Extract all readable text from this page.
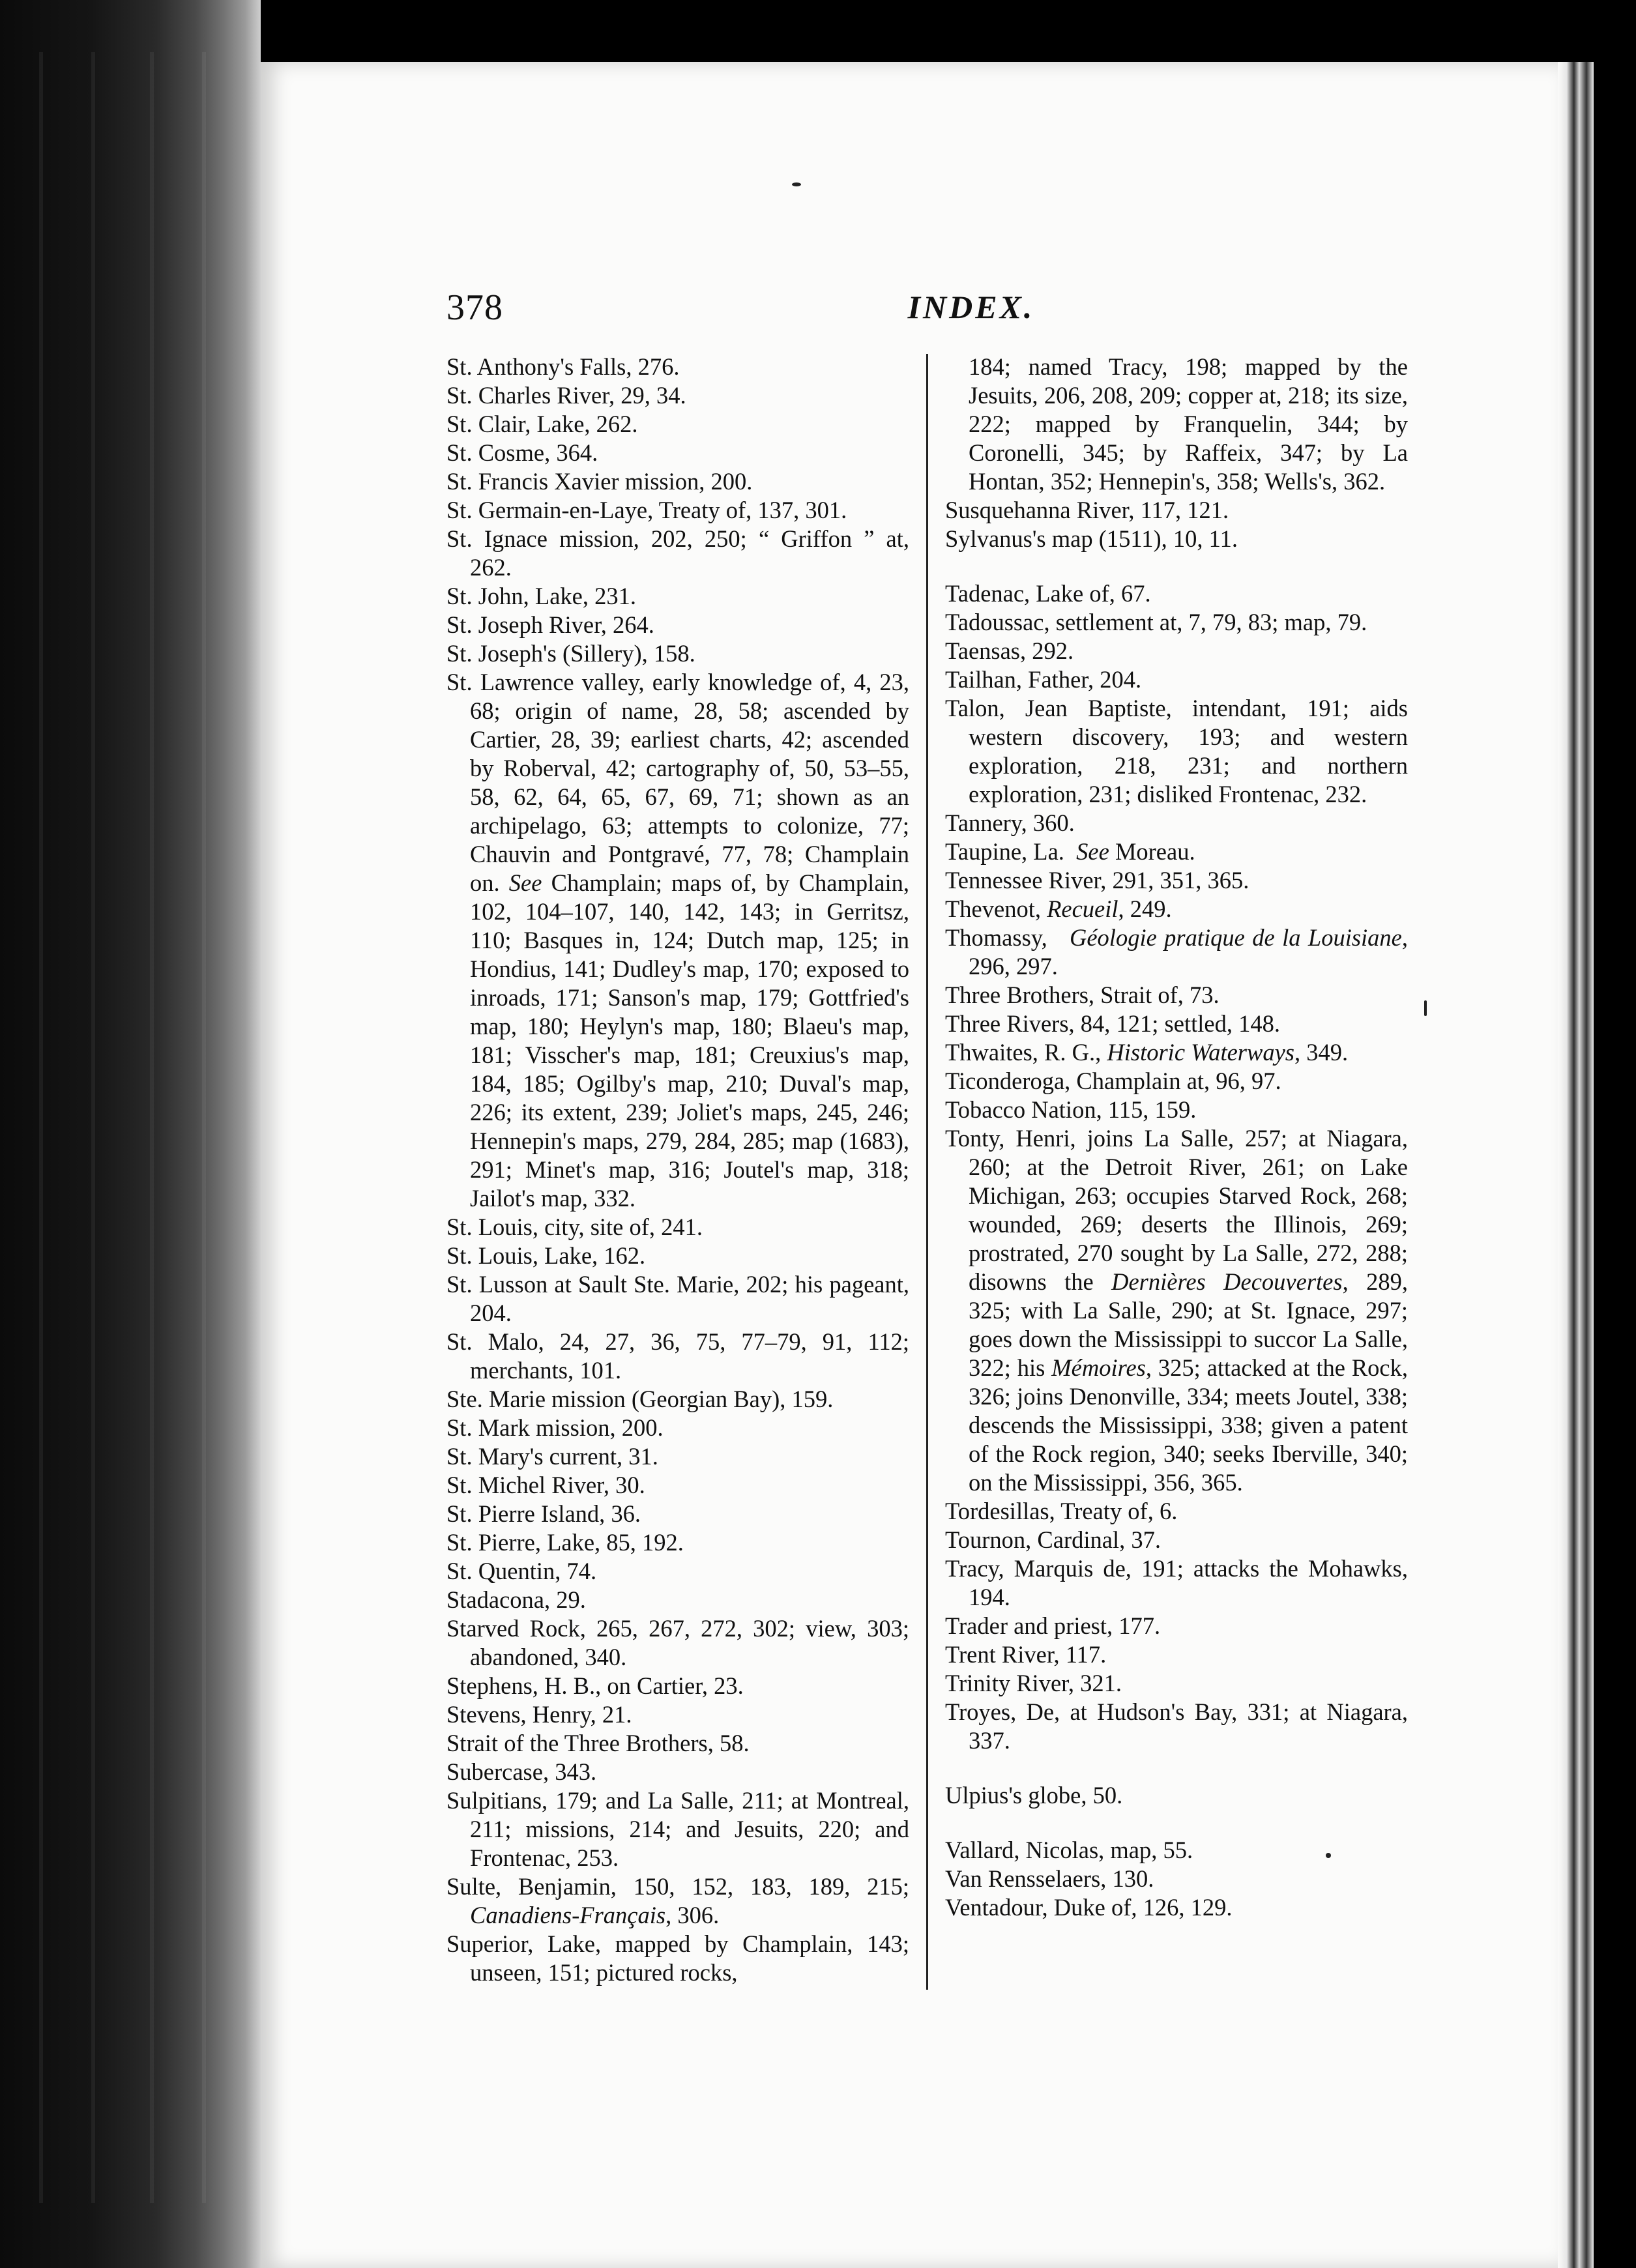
378	INDEX.
St. Anthony's Falls, 276.
St. Charles River, 29, 34.
St. Clair, Lake, 262.
St. Cosme, 364.
St. Francis Xavier mission, 200.
St. Germain-en-Laye, Treaty of, 137, 301.
St. Ignace mission, 202, 250; “ Griffon ” at, 262.
St. John, Lake, 231.
St. Joseph River, 264.
St. Joseph's (Sillery), 158.
St. Lawrence valley, early knowledge of, 4, 23, 68; origin of name, 28, 58; ascended by Cartier, 28, 39; earliest charts, 42; ascended by Roberval, 42; cartography of, 50, 53–55, 58, 62, 64, 65, 67, 69, 71; shown as an archipelago, 63; attempts to colonize, 77; Chauvin and Pontgravé, 77, 78; Champlain on. See Champlain; maps of, by Champlain, 102, 104–107, 140, 142, 143; in Gerritsz, 110; Basques in, 124; Dutch map, 125; in Hondius, 141; Dudley's map, 170; exposed to inroads, 171; Sanson's map, 179; Gottfried's map, 180; Heylyn's map, 180; Blaeu's map, 181; Visscher's map, 181; Creuxius's map, 184, 185; Ogilby's map, 210; Duval's map, 226; its extent, 239; Joliet's maps, 245, 246; Hennepin's maps, 279, 284, 285; map (1683), 291; Minet's map, 316; Joutel's map, 318; Jailot's map, 332.
St. Louis, city, site of, 241.
St. Louis, Lake, 162.
St. Lusson at Sault Ste. Marie, 202; his pageant, 204.
St. Malo, 24, 27, 36, 75, 77–79, 91, 112; merchants, 101.
Ste. Marie mission (Georgian Bay), 159.
St. Mark mission, 200.
St. Mary's current, 31.
St. Michel River, 30.
St. Pierre Island, 36.
St. Pierre, Lake, 85, 192.
St. Quentin, 74.
Stadacona, 29.
Starved Rock, 265, 267, 272, 302; view, 303; abandoned, 340.
Stephens, H. B., on Cartier, 23.
Stevens, Henry, 21.
Strait of the Three Brothers, 58.
Subercase, 343.
Sulpitians, 179; and La Salle, 211; at Montreal, 211; missions, 214; and Jesuits, 220; and Frontenac, 253.
Sulte, Benjamin, 150, 152, 183, 189, 215; Canadiens-Français, 306.
Superior, Lake, mapped by Champlain, 143; unseen, 151; pictured rocks,
184; named Tracy, 198; mapped by the Jesuits, 206, 208, 209; copper at, 218; its size, 222; mapped by Franquelin, 344; by Coronelli, 345; by Raffeix, 347; by La Hontan, 352; Hennepin's, 358; Wells's, 362.
Susquehanna River, 117, 121.
Sylvanus's map (1511), 10, 11.
Tadenac, Lake of, 67.
Tadoussac, settlement at, 7, 79, 83; map, 79.
Taensas, 292.
Tailhan, Father, 204.
Talon, Jean Baptiste, intendant, 191; aids western discovery, 193; and western exploration, 218, 231; and northern exploration, 231; disliked Frontenac, 232.
Tannery, 360.
Taupine, La. See Moreau.
Tennessee River, 291, 351, 365.
Thevenot, Recueil, 249.
Thomassy, Géologie pratique de la Louisiane, 296, 297.
Three Brothers, Strait of, 73.
Three Rivers, 84, 121; settled, 148.
Thwaites, R. G., Historic Waterways, 349.
Ticonderoga, Champlain at, 96, 97.
Tobacco Nation, 115, 159.
Tonty, Henri, joins La Salle, 257; at Niagara, 260; at the Detroit River, 261; on Lake Michigan, 263; occupies Starved Rock, 268; wounded, 269; deserts the Illinois, 269; prostrated, 270 sought by La Salle, 272, 288; disowns the Dernières Decouvertes, 289, 325; with La Salle, 290; at St. Ignace, 297; goes down the Mississippi to succor La Salle, 322; his Mémoires, 325; attacked at the Rock, 326; joins Denonville, 334; meets Joutel, 338; descends the Mississippi, 338; given a patent of the Rock region, 340; seeks Iberville, 340; on the Mississippi, 356, 365.
Tordesillas, Treaty of, 6.
Tournon, Cardinal, 37.
Tracy, Marquis de, 191; attacks the Mohawks, 194.
Trader and priest, 177.
Trent River, 117.
Trinity River, 321.
Troyes, De, at Hudson's Bay, 331; at Niagara, 337.
Ulpius's globe, 50.
Vallard, Nicolas, map, 55.
Van Rensselaers, 130.
Ventadour, Duke of, 126, 129.
